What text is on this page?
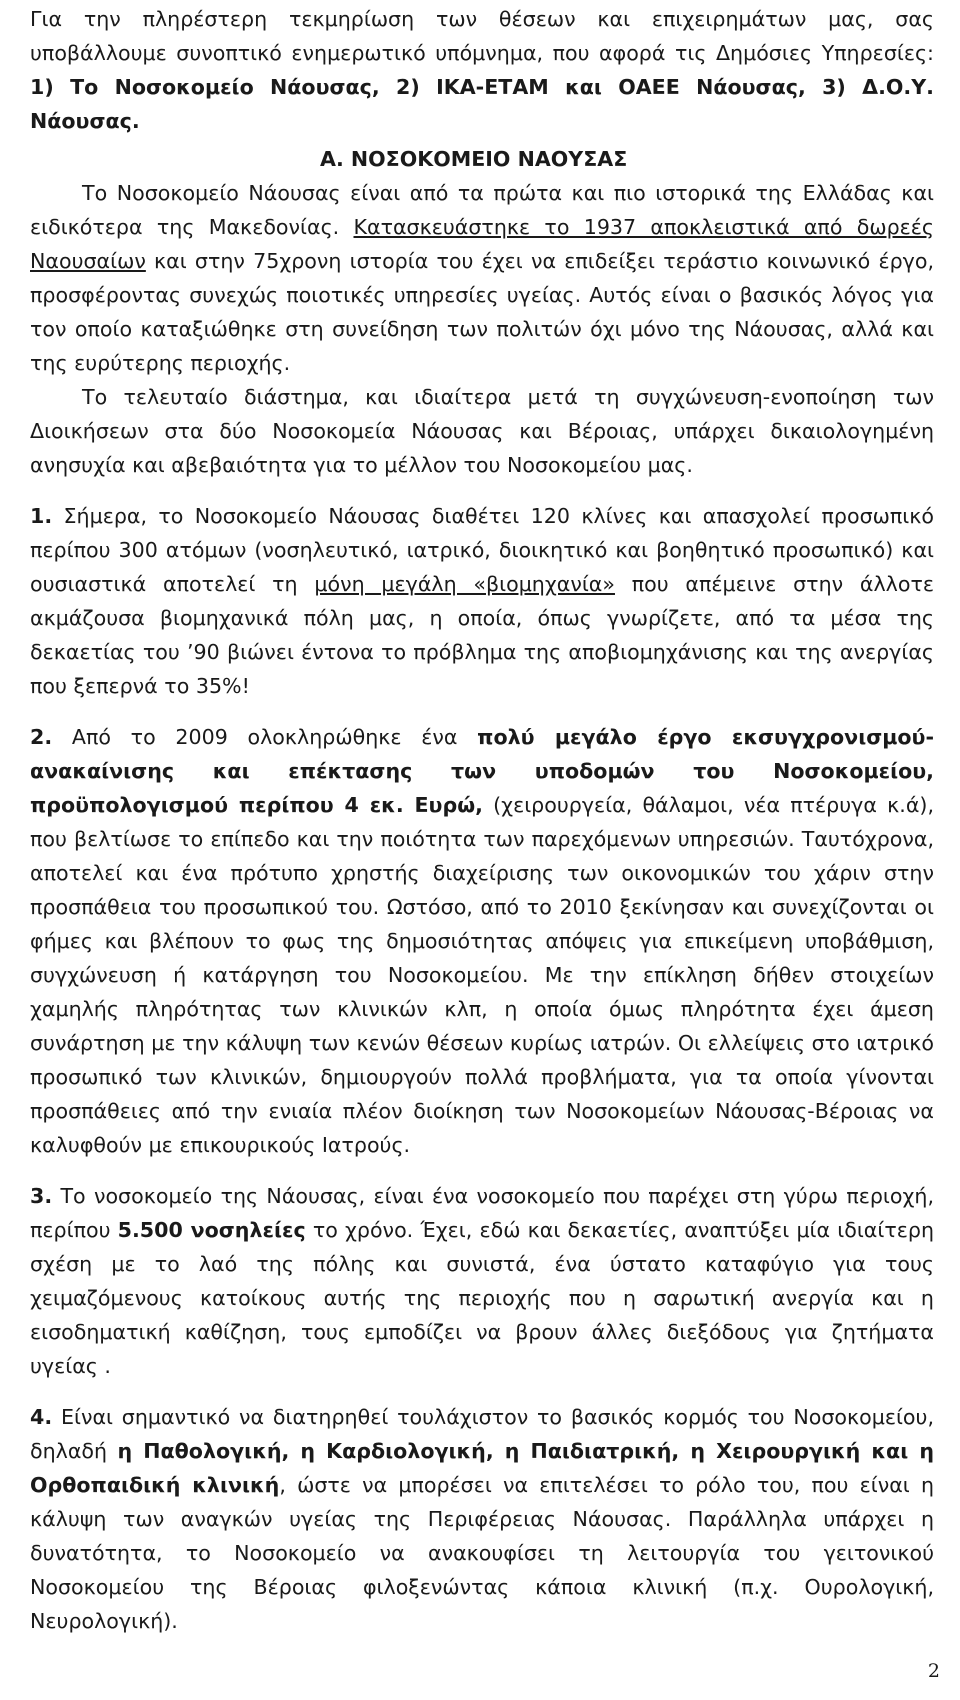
Για την πληρέστερη τεκμηρίωση των θέσεων και επιχειρημάτων μας, σας υποβάλλουμε συνοπτικό ενημερωτικό υπόμνημα, που αφορά τις Δημόσιες Υπηρεσίες: 1) Το Νοσοκομείο Νάουσας, 2) ΙΚΑ-ΕΤΑΜ και ΟΑΕΕ Νάουσας, 3) Δ.Ο.Υ. Νάουσας.

Α. ΝΟΣΟΚΟΜΕΙΟ ΝΑΟΥΣΑΣ

Το Νοσοκομείο Νάουσας είναι από τα πρώτα και πιο ιστορικά της Ελλάδας και ειδικότερα της Μακεδονίας. Κατασκευάστηκε το 1937 αποκλειστικά από δωρεές Ναουσαίων και στην 75χρονη ιστορία του έχει να επιδείξει τεράστιο κοινωνικό έργο, προσφέροντας συνεχώς ποιοτικές υπηρεσίες υγείας. Αυτός είναι ο βασικός λόγος για τον οποίο καταξιώθηκε στη συνείδηση των πολιτών όχι μόνο της Νάουσας, αλλά και της ευρύτερης περιοχής.

Το τελευταίο διάστημα, και ιδιαίτερα μετά τη συγχώνευση-ενοποίηση των Διοικήσεων στα δύο Νοσοκομεία Νάουσας και Βέροιας, υπάρχει δικαιολογημένη ανησυχία και αβεβαιότητα για το μέλλον του Νοσοκομείου μας.

1. Σήμερα, το Νοσοκομείο Νάουσας διαθέτει 120 κλίνες και απασχολεί προσωπικό περίπου 300 ατόμων (νοσηλευτικό, ιατρικό, διοικητικό και βοηθητικό προσωπικό) και ουσιαστικά αποτελεί τη μόνη μεγάλη «βιομηχανία» που απέμεινε στην άλλοτε ακμάζουσα βιομηχανικά πόλη μας, η οποία, όπως γνωρίζετε, από τα μέσα της δεκαετίας του ’90 βιώνει έντονα το πρόβλημα της αποβιομηχάνισης και της ανεργίας που ξεπερνά το 35%!

2. Από το 2009 ολοκληρώθηκε ένα πολύ μεγάλο έργο εκσυγχρονισμού-ανακαίνισης και επέκτασης των υποδομών του Νοσοκομείου, προϋπολογισμού περίπου 4 εκ. Ευρώ, (χειρουργεία, θάλαμοι, νέα πτέρυγα κ.ά), που βελτίωσε το επίπεδο και την ποιότητα των παρεχόμενων υπηρεσιών. Ταυτόχρονα, αποτελεί και ένα πρότυπο χρηστής διαχείρισης των οικονομικών του χάριν στην προσπάθεια του προσωπικού του. Ωστόσο, από το 2010 ξεκίνησαν και συνεχίζονται οι φήμες και βλέπουν το φως της δημοσιότητας απόψεις για επικείμενη υποβάθμιση, συγχώνευση ή κατάργηση του Νοσοκομείου. Με την επίκληση δήθεν στοιχείων χαμηλής πληρότητας των κλινικών κλπ, η οποία όμως πληρότητα έχει άμεση συνάρτηση με την κάλυψη των κενών θέσεων κυρίως ιατρών. Οι ελλείψεις στο ιατρικό προσωπικό των κλινικών, δημιουργούν πολλά προβλήματα, για τα οποία γίνονται προσπάθειες από την ενιαία πλέον διοίκηση των Νοσοκομείων Νάουσας-Βέροιας να καλυφθούν με επικουρικούς Ιατρούς.

3. Το νοσοκομείο της Νάουσας, είναι ένα νοσοκομείο που παρέχει στη γύρω περιοχή, περίπου 5.500 νοσηλείες το χρόνο. Έχει, εδώ και δεκαετίες, αναπτύξει μία ιδιαίτερη σχέση με το λαό της πόλης και συνιστά, ένα ύστατο καταφύγιο για τους χειμαζόμενους κατοίκους αυτής της περιοχής που η σαρωτική ανεργία και η εισοδηματική καθίζηση, τους εμποδίζει να βρουν άλλες διεξόδους για ζητήματα υγείας .

4. Είναι σημαντικό να διατηρηθεί τουλάχιστον το βασικός κορμός του Νοσοκομείου, δηλαδή η Παθολογική, η Καρδιολογική, η Παιδιατρική, η Χειρουργική και η Ορθοπαιδική κλινική, ώστε να μπορέσει να επιτελέσει το ρόλο του, που είναι η κάλυψη των αναγκών υγείας της Περιφέρειας Νάουσας. Παράλληλα υπάρχει η δυνατότητα, το Νοσοκομείο να ανακουφίσει τη λειτουργία του γειτονικού Νοσοκομείου της Βέροιας φιλοξενώντας κάποια κλινική (π.χ. Ουρολογική, Νευρολογική).

2
